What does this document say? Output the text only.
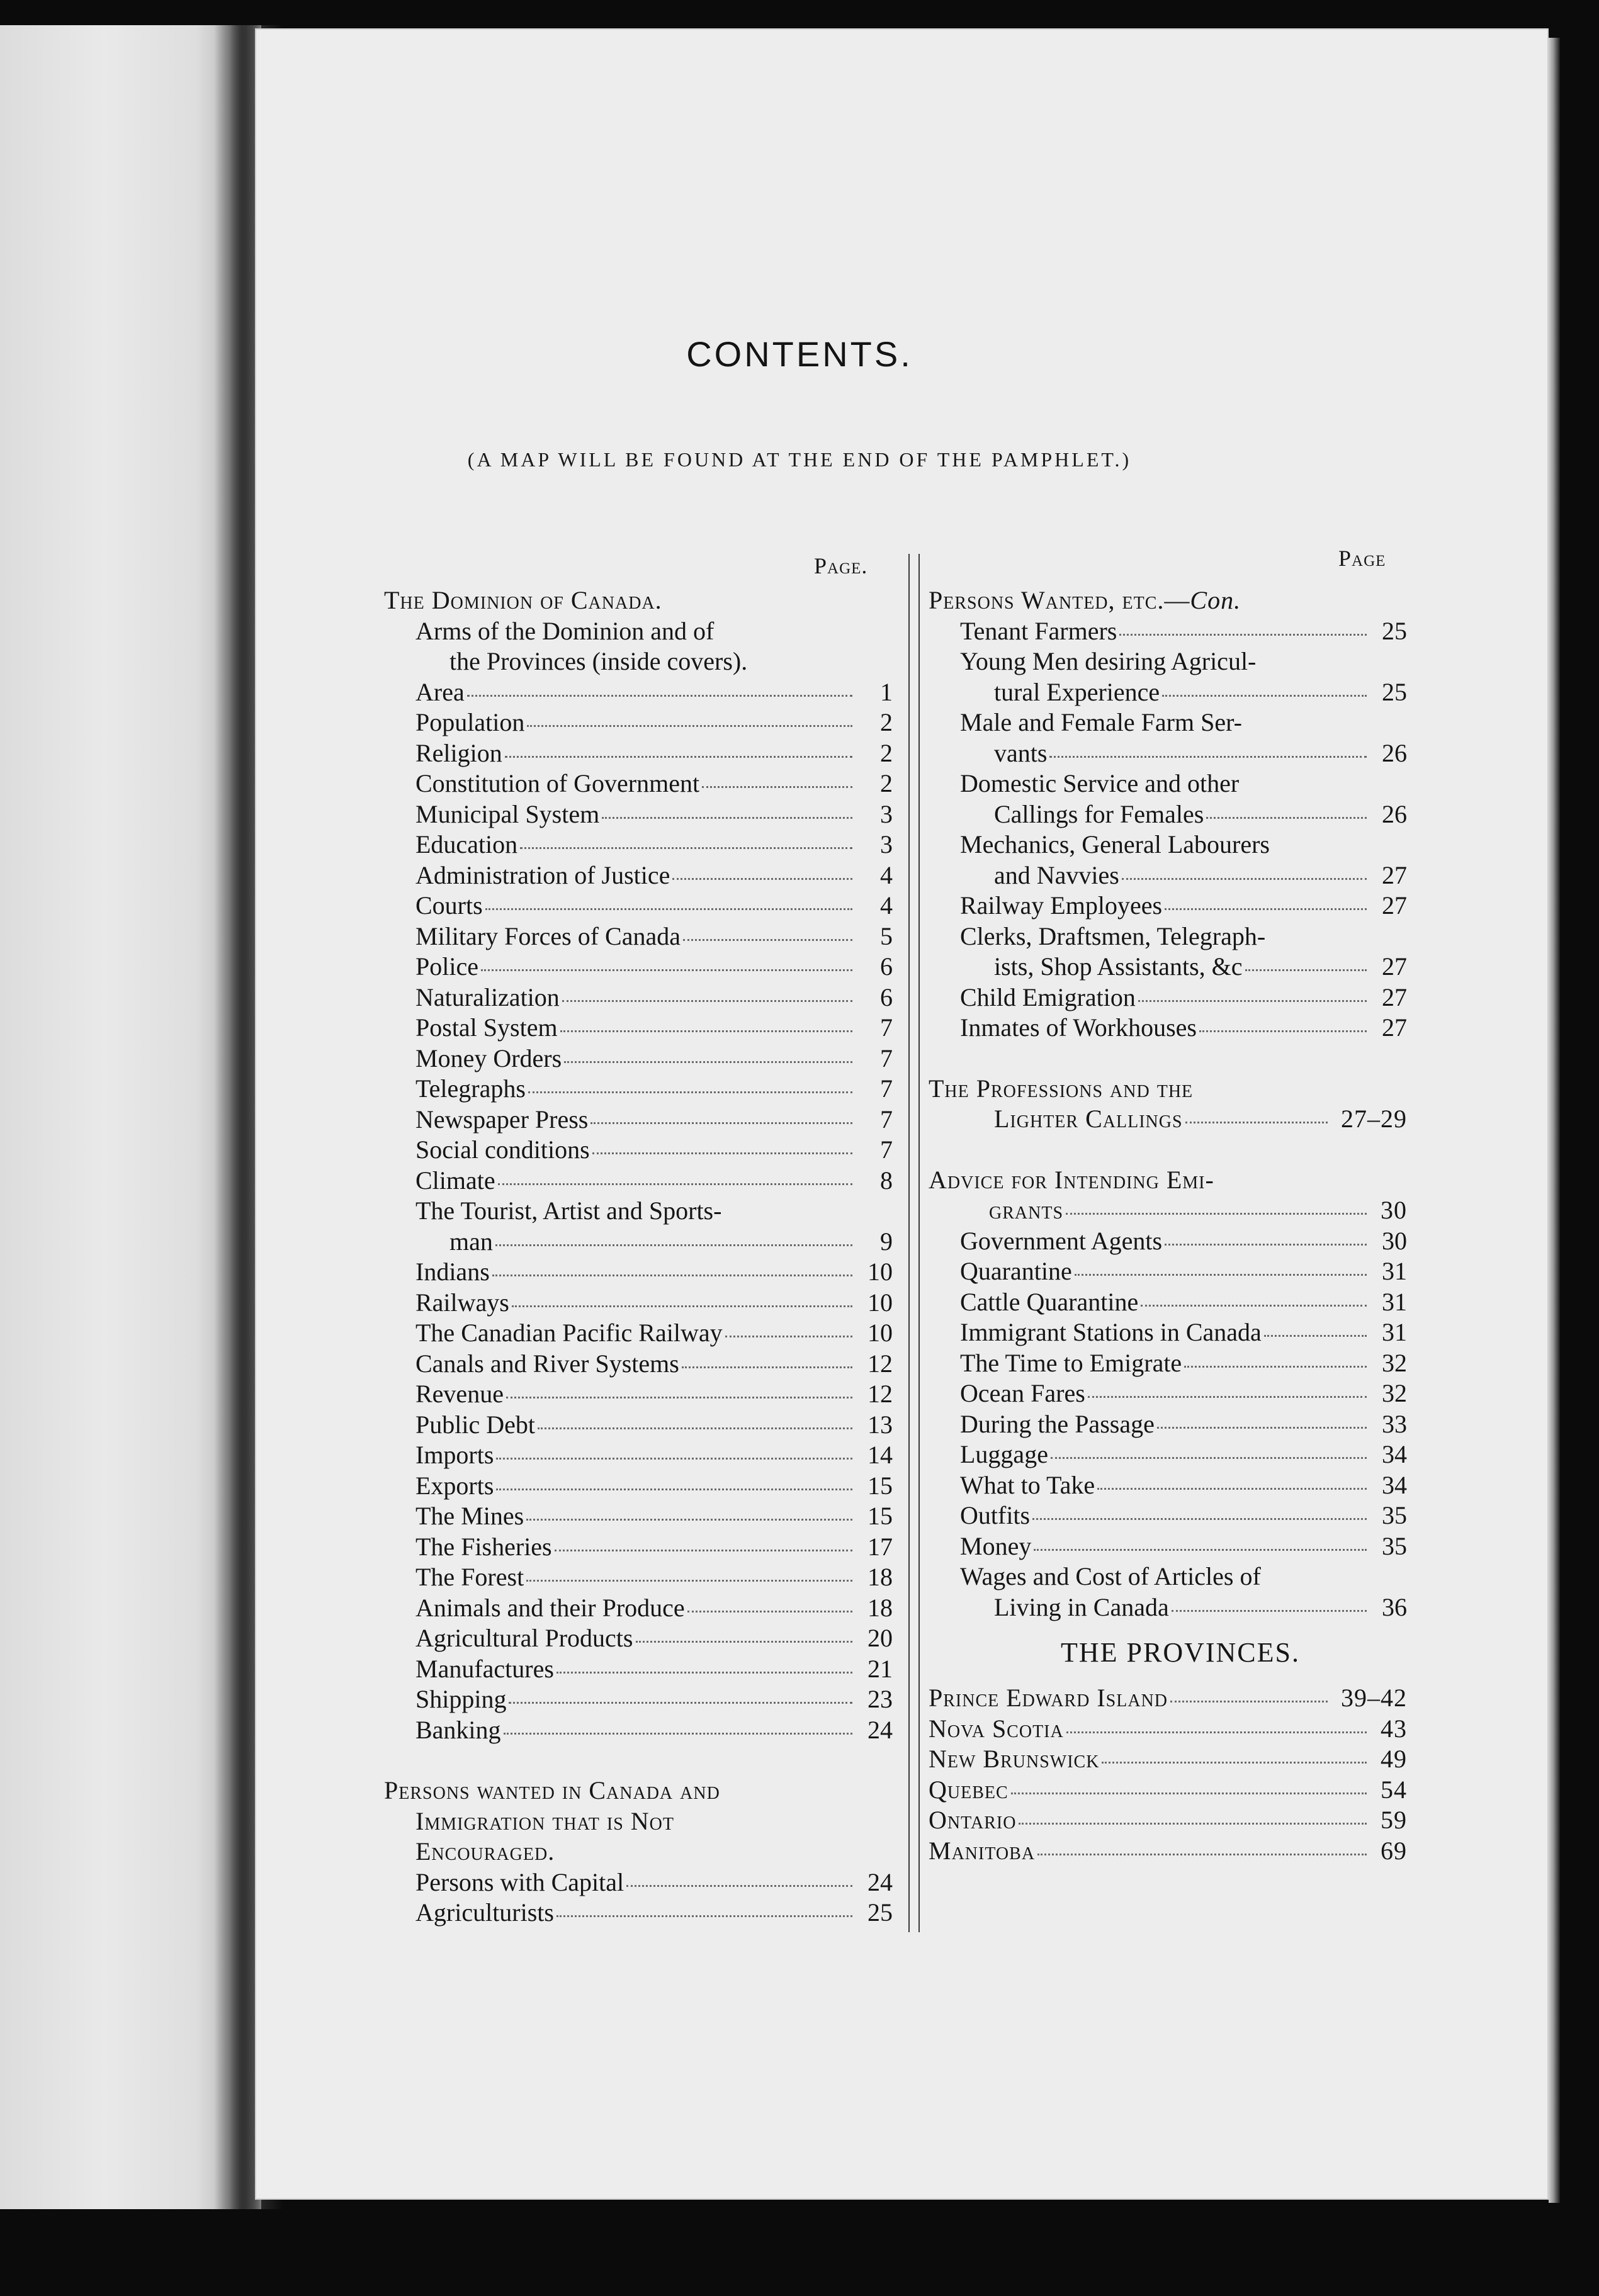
CONTENTS.
(A MAP WILL BE FOUND AT THE END OF THE PAMPHLET.)
Page.	Page
The Dominion of Canada.
Arms of the Dominion and of
the Provinces (inside covers).
Area	1
Population	2
Religion	2
Constitution of Government	2
Municipal System	3
Education	3
Administration of Justice	4
Courts	4
Military Forces of Canada	5
Police	6
Naturalization	6
Postal System	7
Money Orders	7
Telegraphs	7
Newspaper Press	7
Social conditions	7
Climate	8
The Tourist, Artist and Sports-
man	9
Indians	10
Railways	10
The Canadian Pacific Railway	10
Canals and River Systems	12
Revenue	12
Public Debt	13
Imports	14
Exports	15
The Mines	15
The Fisheries	17
The Forest	18
Animals and their Produce	18
Agricultural Products	20
Manufactures	21
Shipping	23
Banking	24
Persons wanted in Canada and
Immigration that is Not
Encouraged.
Persons with Capital	24
Agriculturists	25
Persons Wanted, etc.—Con.
Tenant Farmers	25
Young Men desiring Agricul-
tural Experience	25
Male and Female Farm Ser-
vants	26
Domestic Service and other
Callings for Females	26
Mechanics, General Labourers
and Navvies	27
Railway Employees	27
Clerks, Draftsmen, Telegraph-
ists, Shop Assistants, &c	27
Child Emigration	27
Inmates of Workhouses	27
The Professions and the
Lighter Callings	27–29
Advice for Intending Emi-
grants	30
Government Agents	30
Quarantine	31
Cattle Quarantine	31
Immigrant Stations in Canada	31
The Time to Emigrate	32
Ocean Fares	32
During the Passage	33
Luggage	34
What to Take	34
Outfits	35
Money	35
Wages and Cost of Articles of
Living in Canada	36
THE PROVINCES.
Prince Edward Island	39–42
Nova Scotia	43
New Brunswick	49
Quebec	54
Ontario	59
Manitoba	69
